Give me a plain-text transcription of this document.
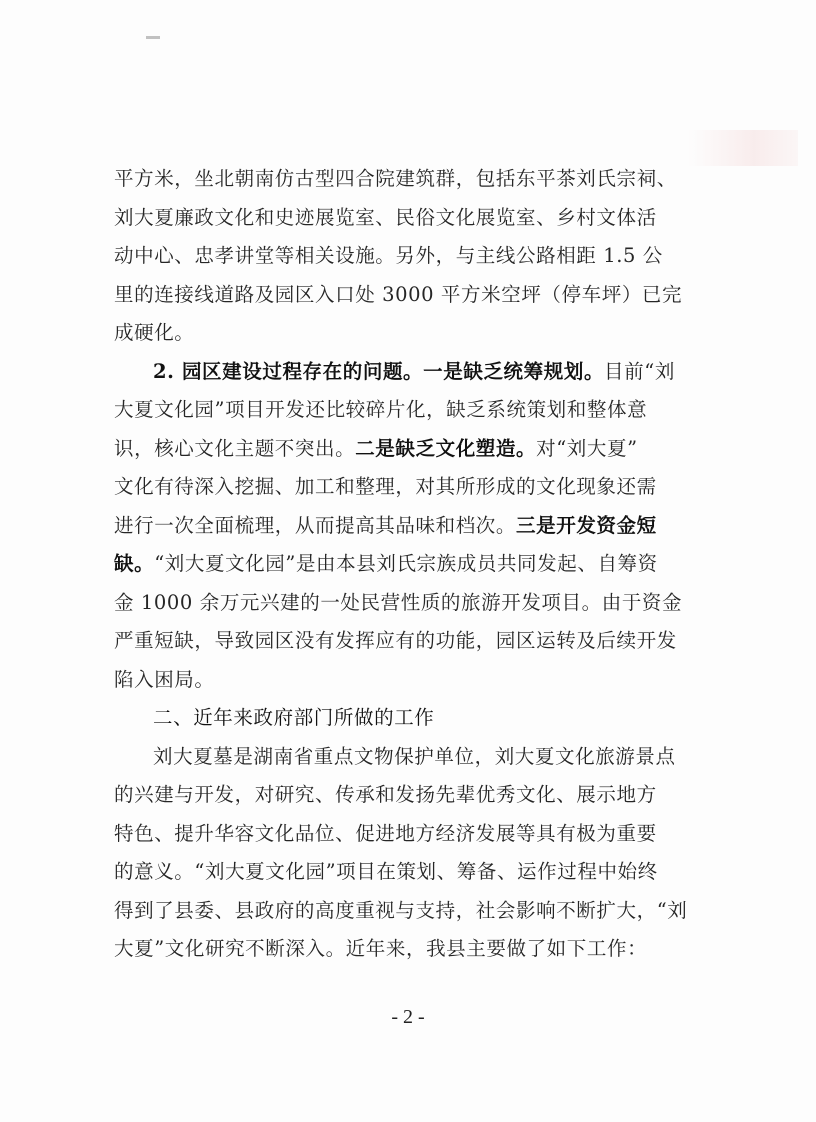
平方米，坐北朝南仿古型四合院建筑群，包括东平茶刘氏宗祠、
刘大夏廉政文化和史迹展览室、民俗文化展览室、乡村文体活
动中心、忠孝讲堂等相关设施。另外，与主线公路相距 1.5 公
里的连接线道路及园区入口处 3000 平方米空坪（停车坪）已完
成硬化。
2. 园区建设过程存在的问题。一是缺乏统筹规划。目前“刘
大夏文化园”项目开发还比较碎片化，缺乏系统策划和整体意
识，核心文化主题不突出。二是缺乏文化塑造。对“刘大夏”
文化有待深入挖掘、加工和整理，对其所形成的文化现象还需
进行一次全面梳理，从而提高其品味和档次。三是开发资金短
缺。“刘大夏文化园”是由本县刘氏宗族成员共同发起、自筹资
金 1000 余万元兴建的一处民营性质的旅游开发项目。由于资金
严重短缺，导致园区没有发挥应有的功能，园区运转及后续开发
陷入困局。
二、近年来政府部门所做的工作
刘大夏墓是湖南省重点文物保护单位，刘大夏文化旅游景点
的兴建与开发，对研究、传承和发扬先辈优秀文化、展示地方
特色、提升华容文化品位、促进地方经济发展等具有极为重要
的意义。“刘大夏文化园”项目在策划、筹备、运作过程中始终
得到了县委、县政府的高度重视与支持，社会影响不断扩大，“刘
大夏”文化研究不断深入。近年来，我县主要做了如下工作：
- 2 -
